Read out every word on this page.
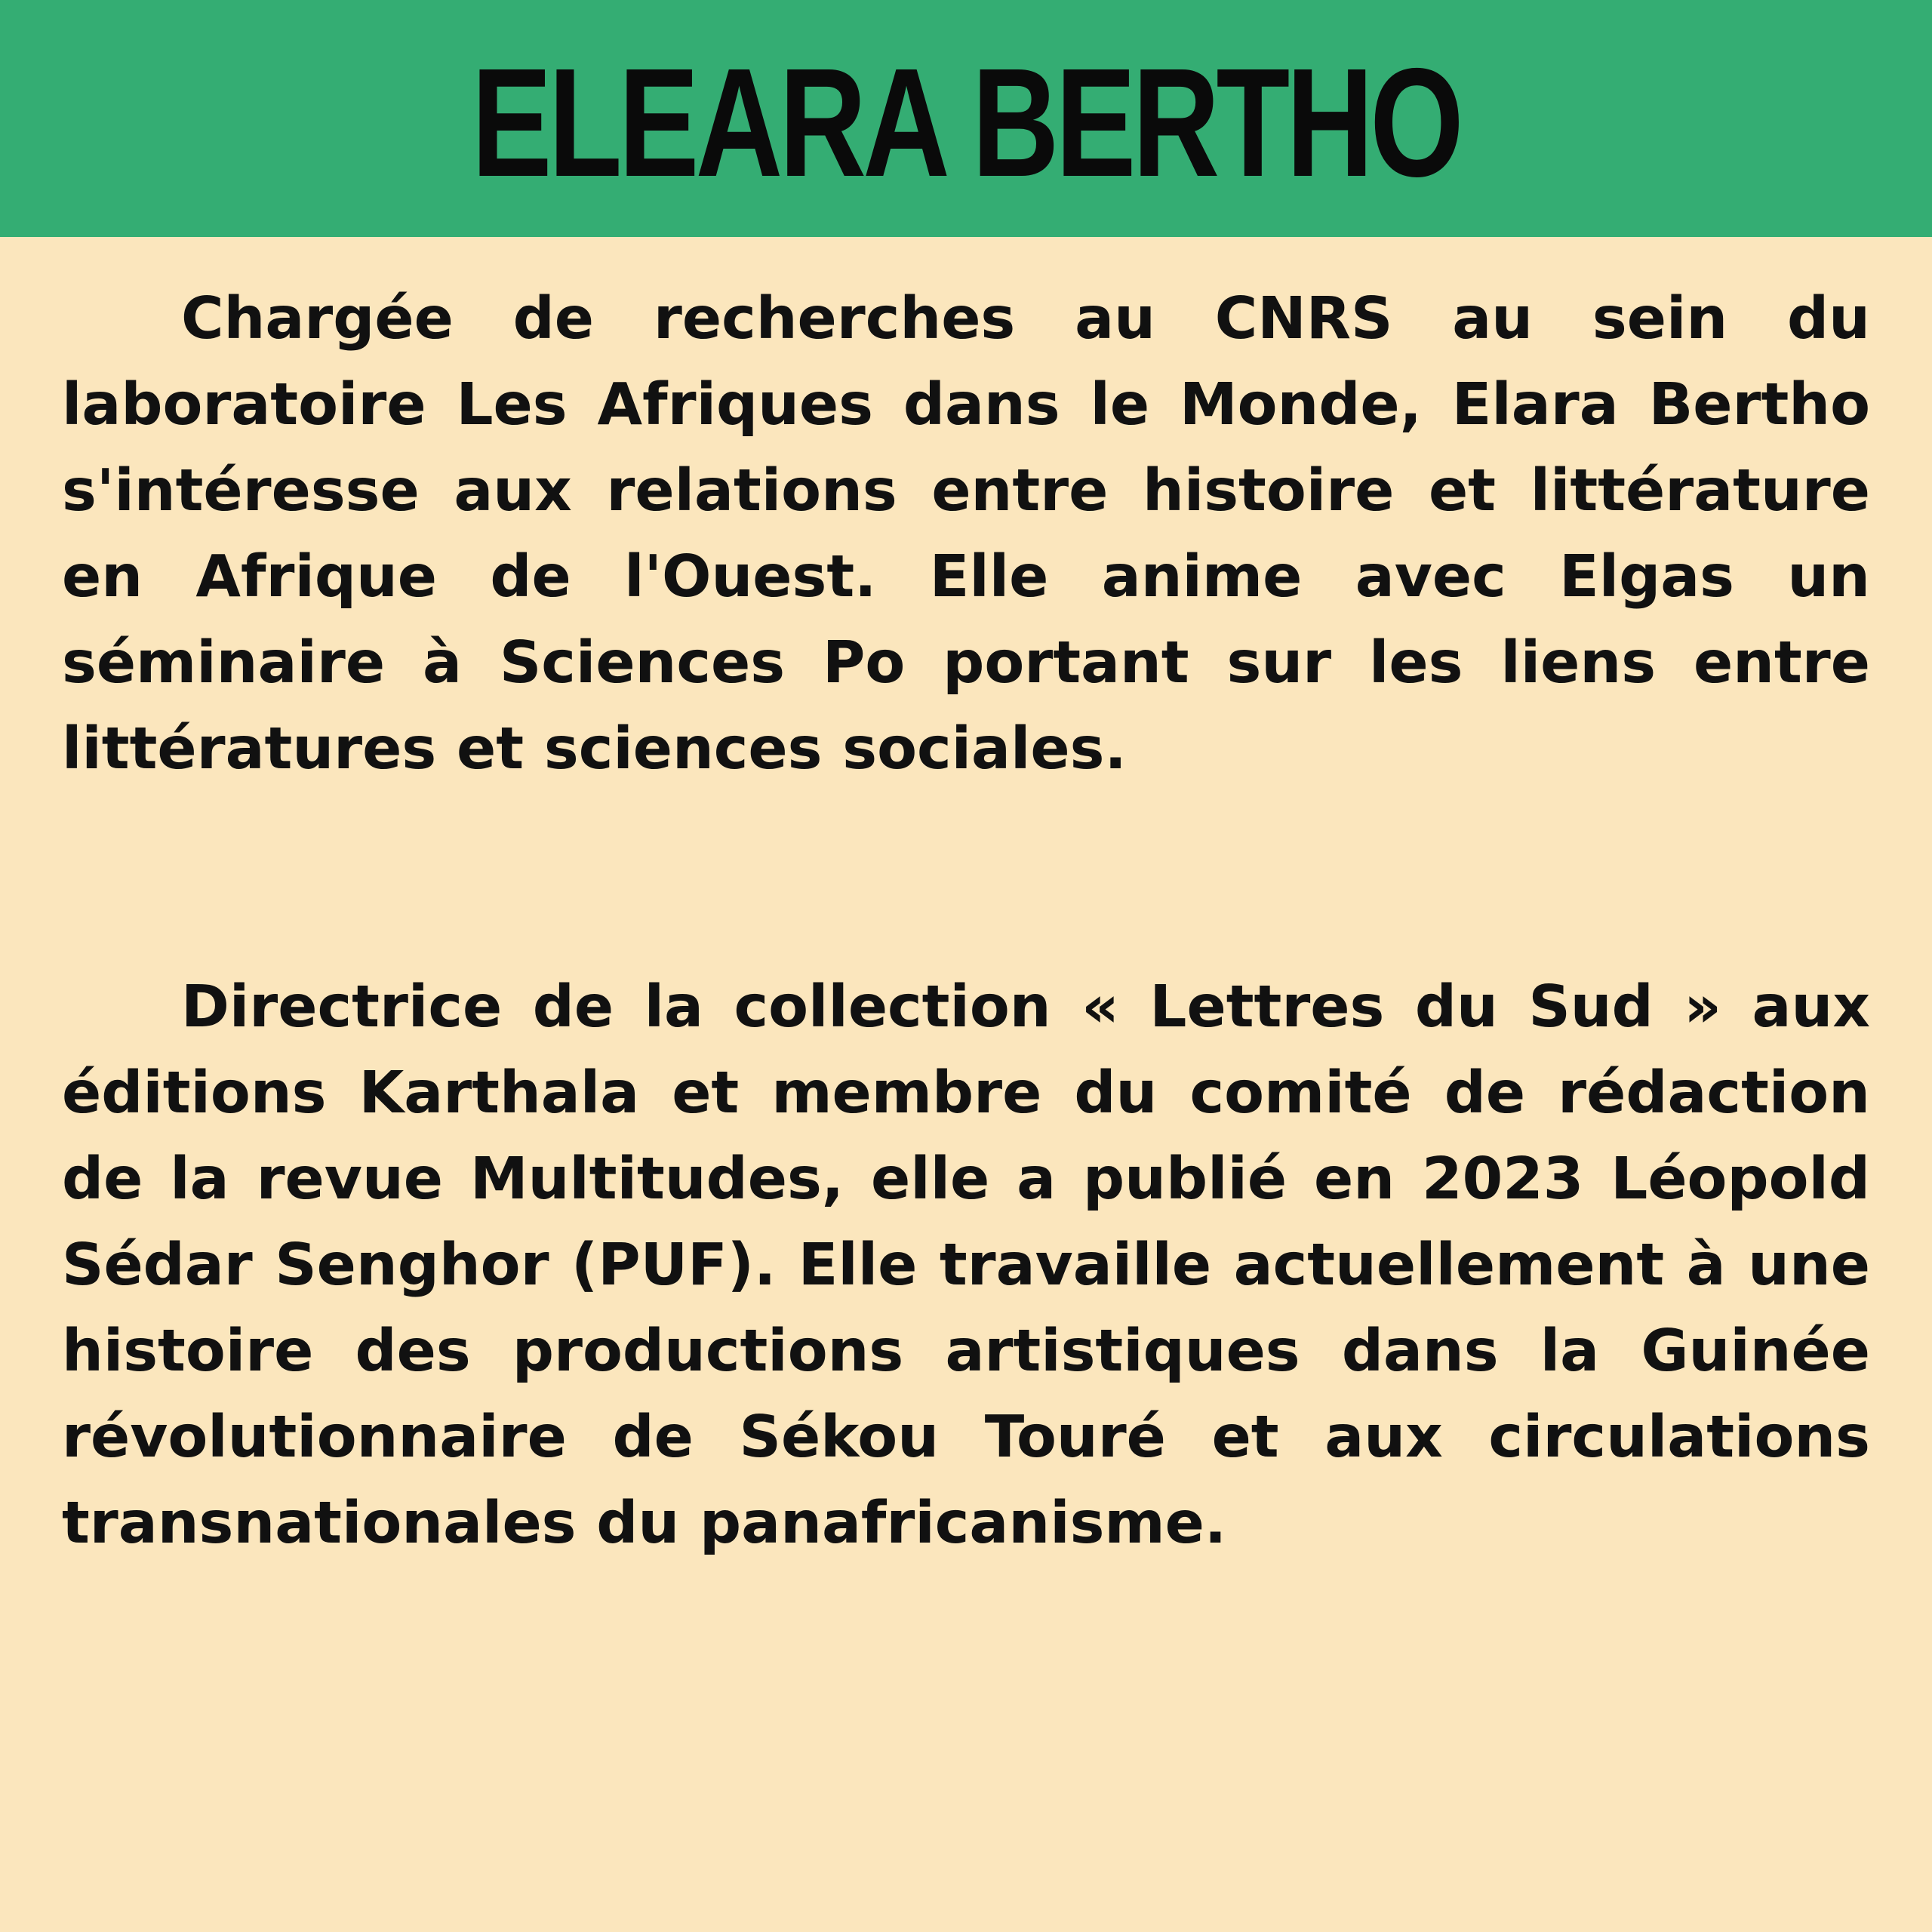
ELEARA BERTHO

Chargée de recherches au CNRS au sein du laboratoire Les Afriques dans le Monde, Elara Bertho s'intéresse aux relations entre histoire et littérature en Afrique de l'Ouest. Elle anime avec Elgas un séminaire à Sciences Po portant sur les liens entre littératures et sciences sociales.

Directrice de la collection « Lettres du Sud » aux éditions Karthala et membre du comité de rédaction de la revue Multitudes, elle a publié en 2023 Léopold Sédar Senghor (PUF). Elle travaille actuellement à une histoire des productions artistiques dans la Guinée révolutionnaire de Sékou Touré et aux circulations transnationales du panafricanisme.
